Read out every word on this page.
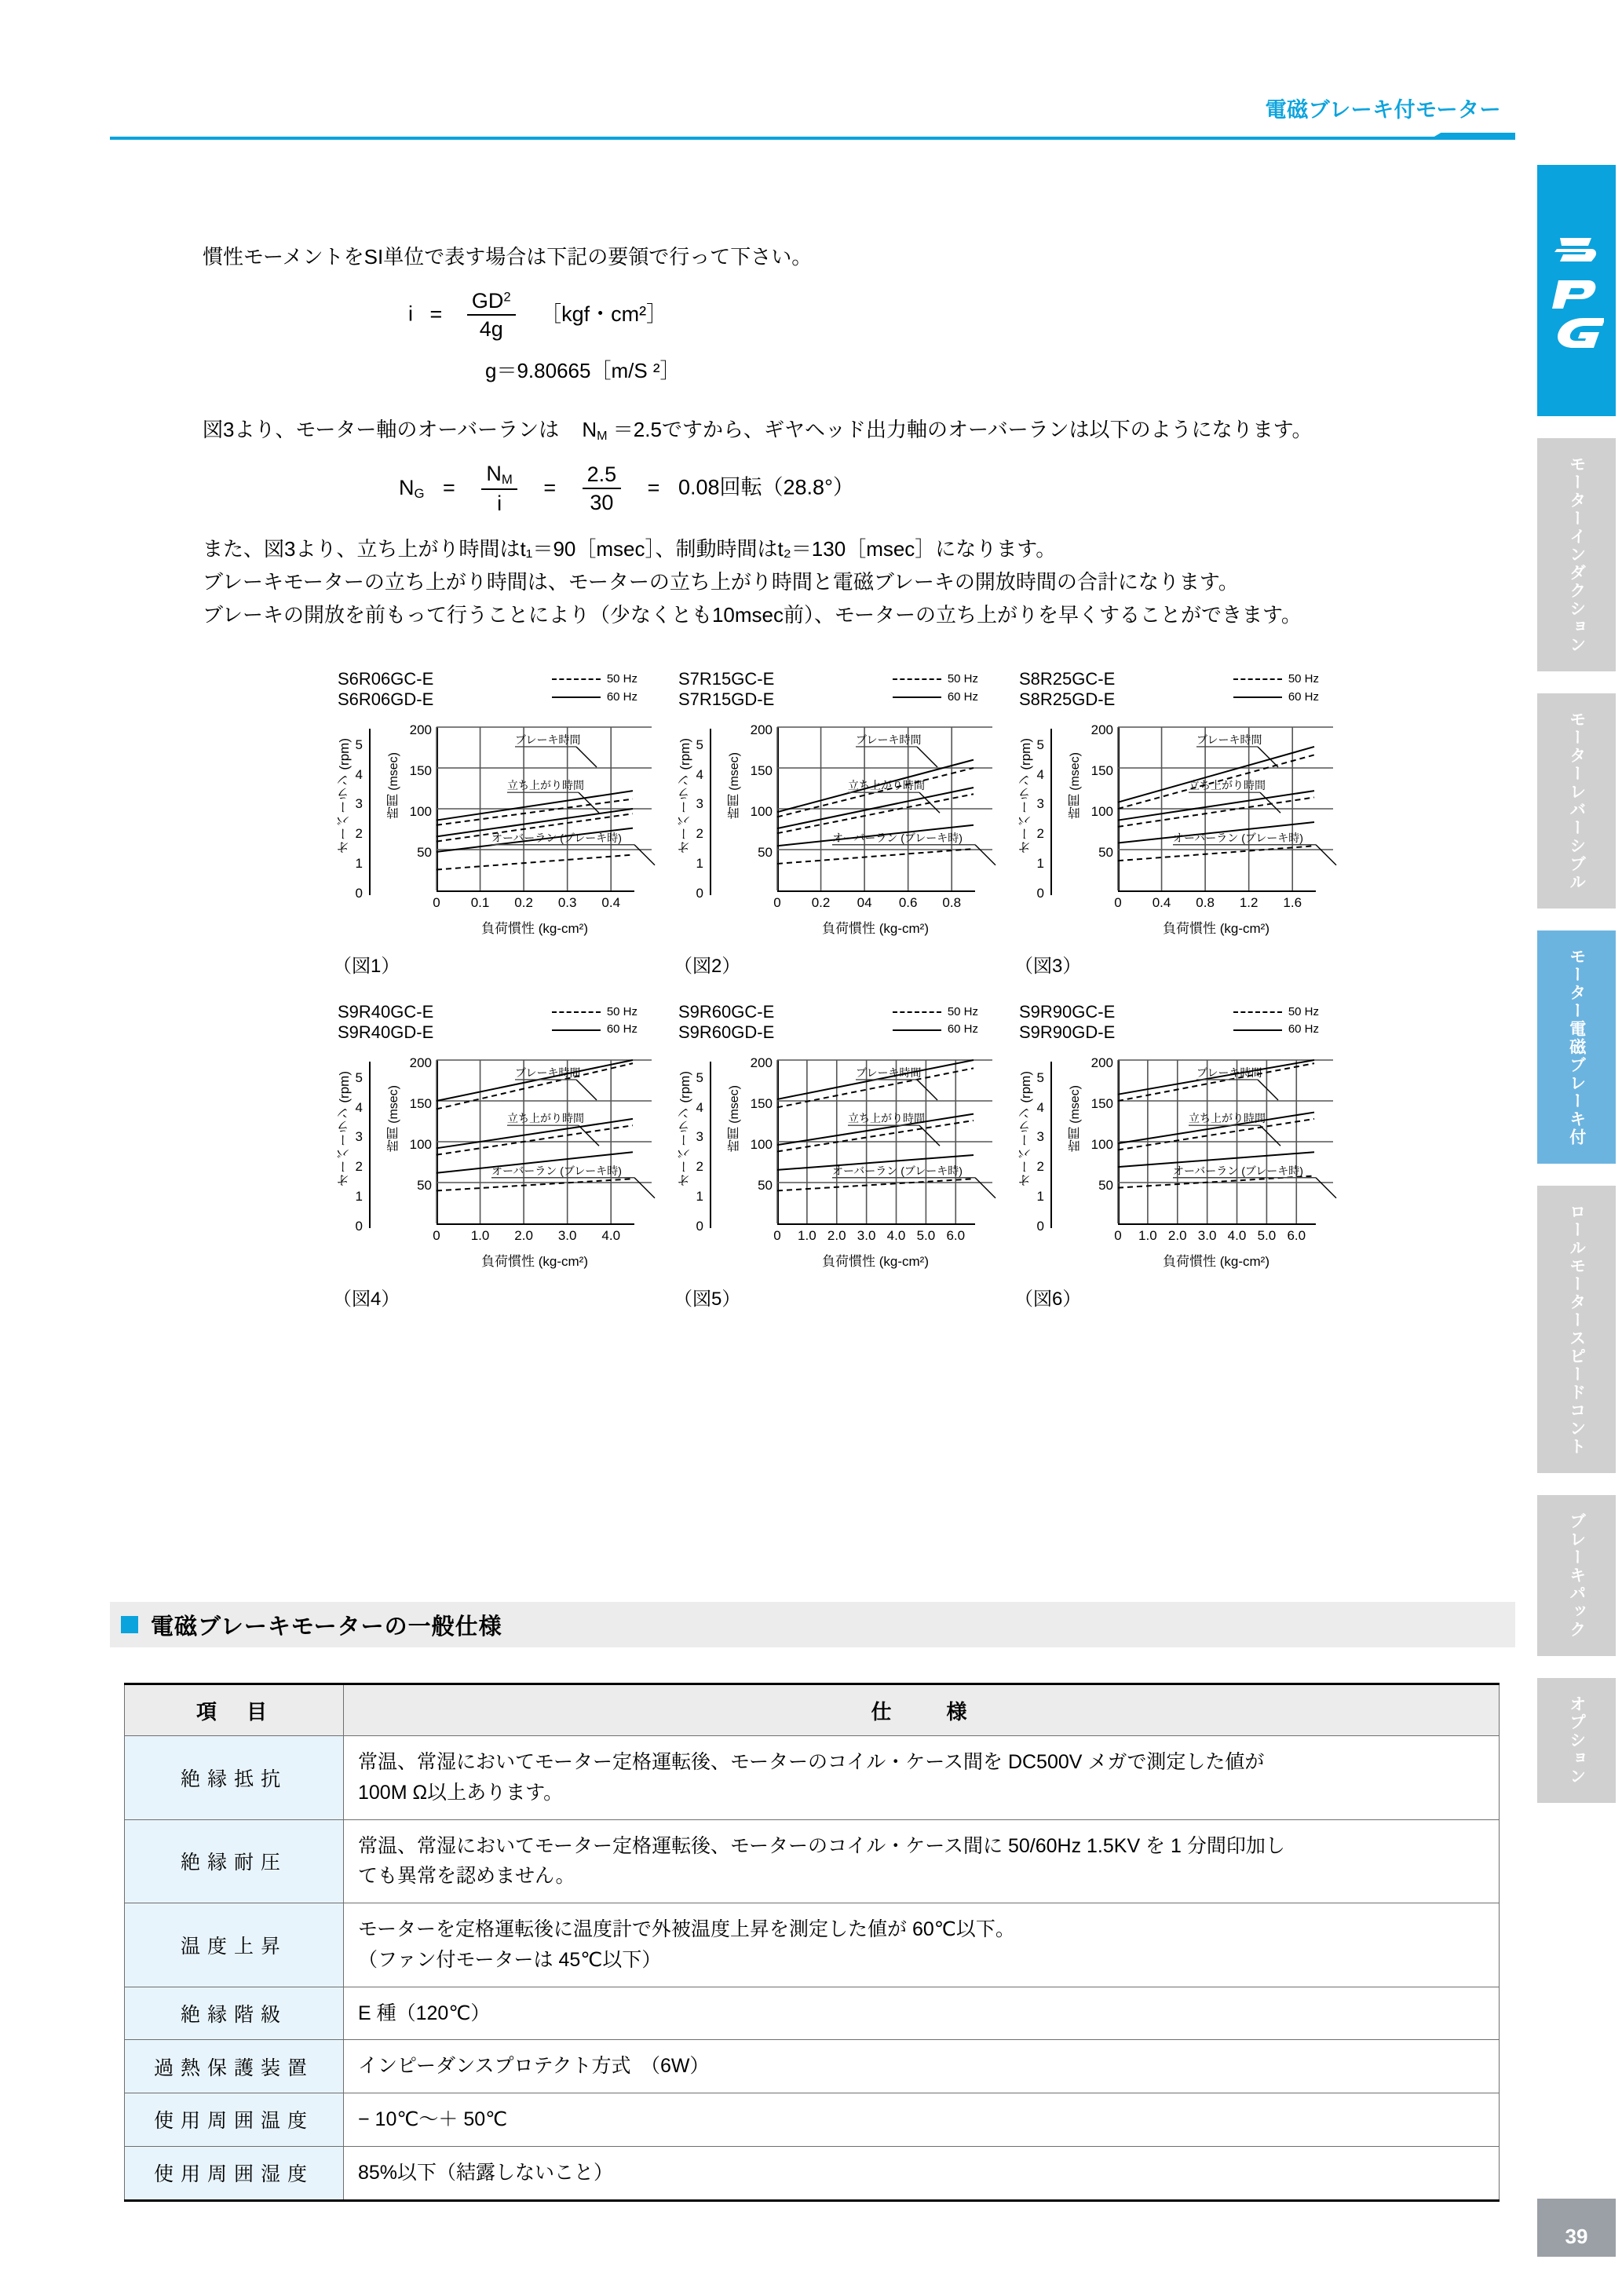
電磁ブレーキ付モーター
慣性モーメントをSI単位で表す場合は下記の要領で行って下さい。
$i = \frac{GD^2}{4g}$ ［kgf・cm²］
g＝9.80665［m/S ²］
図3より、モーター軸のオーバーランは $N_M =2.5$ですから、ギヤヘッド出力軸のオーバーランは以下のようになります。
$N_G = \frac{N_M}{i} = \frac{2.5}{30} = 0.08$回転（28.8°）
また、図3より、立ち上がり時間はt₁＝90［msec］、制動時間はt₂＝130［msec］になります。
ブレーキモーターの立ち上がり時間は、モーターの立ち上がり時間と電磁ブレーキの開放時間の合計になります。
ブレーキの開放を前もって行うことにより（少なくとも10msec前）、モーターの立ち上がりを早くすることができます。
S6R06GC-E
S6R06GD-E
50 Hz
60 Hz
オーバーラン (rpm)	時間 (msec)
5
4
3
2
1
0
200
150
100
50
ブレーキ時間
立ち上がり時間
オーバーラン (ブレーキ時)
0 0.1 0.2 0.3 0.4
負荷慣性 (kg-cm²)
（図1）
S7R15GC-E
S7R15GD-E
50 Hz
60 Hz
オーバーラン (rpm)	時間 (msec)
5
4
3
2
1
0
200
150
100
50
ブレーキ時間
立ち上がり時間
オーバーラン (ブレーキ時)
0 0.2 04 0.6 0.8
負荷慣性 (kg-cm²)
（図2）
S8R25GC-E
S8R25GD-E
50 Hz
60 Hz
オーバーラン (rpm)	時間 (msec)
5
4
3
2
1
0
200
150
100
50
ブレーキ時間
立ち上がり時間
オーバーラン (ブレーキ時)
0 0.4 0.8 1.2 1.6
負荷慣性 (kg-cm²)
（図3）
S9R40GC-E
S9R40GD-E
50 Hz
60 Hz
オーバーラン (rpm)	時間 (msec)
5
4
3
2
1
0
200
150
100
50
ブレーキ時間
立ち上がり時間
オーバーラン (ブレーキ時)
0 1.0 2.0 3.0 4.0
負荷慣性 (kg-cm²)
（図4）
S9R60GC-E
S9R60GD-E
50 Hz
60 Hz
オーバーラン (rpm)	時間 (msec)
5
4
3
2
1
0
200
150
100
50
ブレーキ時間
立ち上がり時間
オーバーラン (ブレーキ時)
0 1.0 2.0 3.0 4.0 5.0 6.0
負荷慣性 (kg-cm²)
（図5）
S9R90GC-E
S9R90GD-E
50 Hz
60 Hz
オーバーラン (rpm)	時間 (msec)
5
4
3
2
1
0
200
150
100
50
ブレーキ時間
立ち上がり時間
オーバーラン (ブレーキ時)
0 1.0 2.0 3.0 4.0 5.0 6.0
負荷慣性 (kg-cm²)
（図6）
電磁ブレーキモーターの一般仕様
項　目	仕　　様
絶縁抵抗	常温、常湿においてモーター定格運転後、モーターのコイル・ケース間を DC500V メガで測定した値が
100M Ω以上あります。

絶縁耐圧	常温、常湿においてモーター定格運転後、モーターのコイル・ケース間に 50/60Hz 1.5KV を 1 分間印加し
ても異常を認めません。

温度上昇	モーターを定格運転後に温度計で外被温度上昇を測定した値が 60℃以下。
（ファン付モーターは 45℃以下）

絶縁階級	E 種（120℃）

過熱保護装置	インピーダンスプロテクト方式　（6W）

使用周囲温度	− 10℃〜＋ 50℃

使用周囲湿度	85%以下（結露しないこと）
インダクション
モーター
レバーシブル
モーター
電磁ブレーキ付
モーター
スピードコント
ロールモーター
ブレーキパック
オプション
39
